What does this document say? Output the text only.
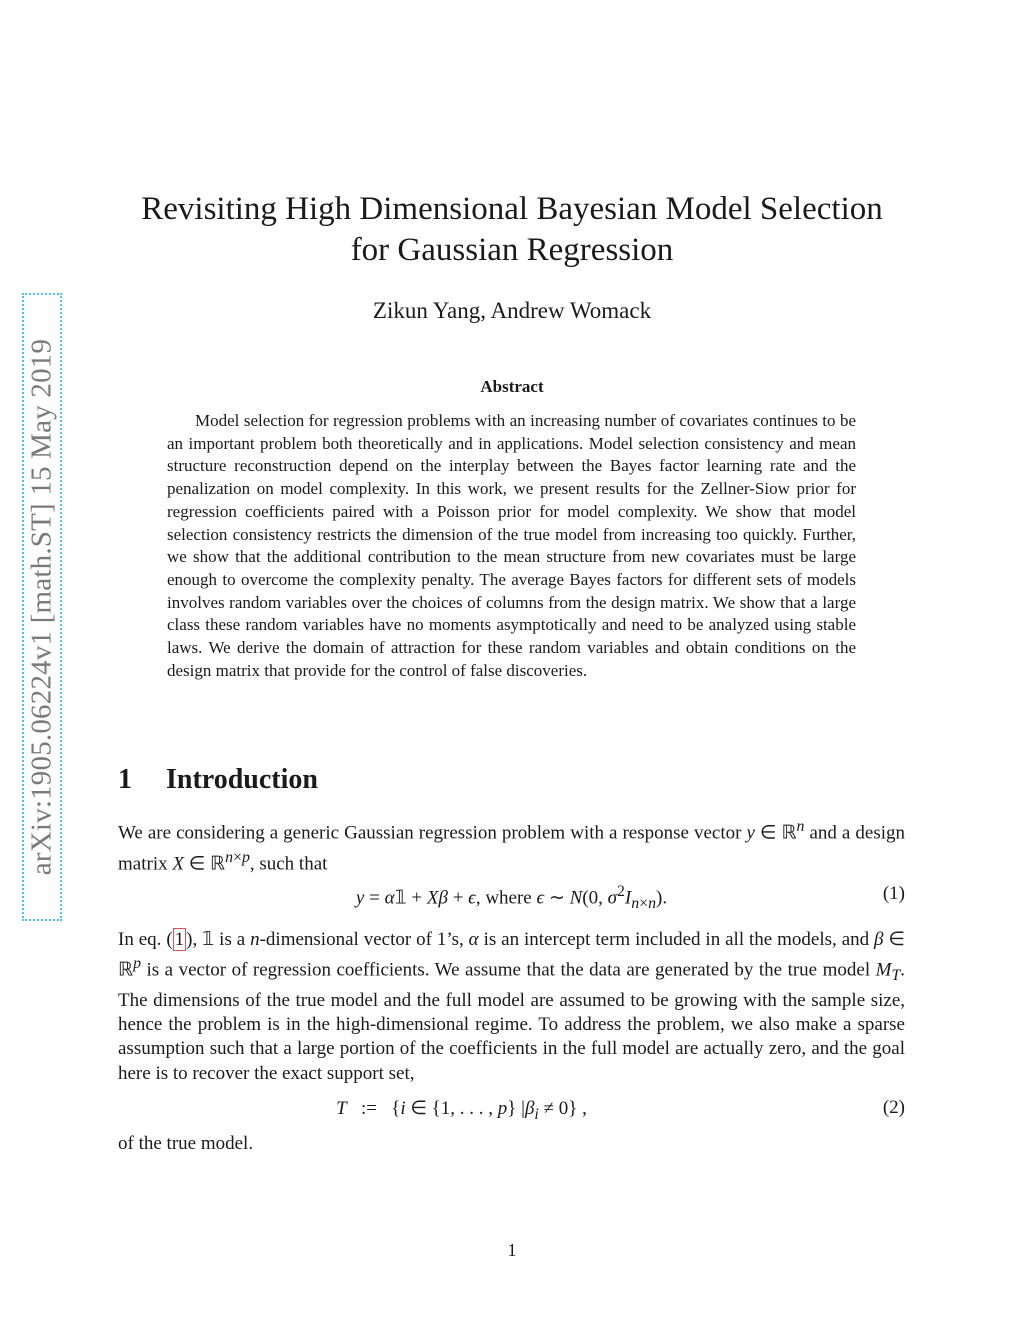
arXiv:1905.06224v1 [math.ST] 15 May 2019
Revisiting High Dimensional Bayesian Model Selection
for Gaussian Regression
Zikun Yang, Andrew Womack
Abstract

Model selection for regression problems with an increasing number of covariates continues to be an important problem both theoretically and in applications. Model selection consistency and mean structure reconstruction depend on the interplay between the Bayes factor learning rate and the penalization on model complexity. In this work, we present results for the Zellner-Siow prior for regression coefficients paired with a Poisson prior for model complexity. We show that model selection consistency restricts the dimension of the true model from increasing too quickly. Further, we show that the additional contribution to the mean structure from new covariates must be large enough to overcome the complexity penalty. The average Bayes factors for different sets of models involves random variables over the choices of columns from the design matrix. We show that a large class these random variables have no moments asymptotically and need to be analyzed using stable laws. We derive the domain of attraction for these random variables and obtain conditions on the design matrix that provide for the control of false discoveries.

1 Introduction

We are considering a generic Gaussian regression problem with a response vector y ∈ ℝ$^n$ and a design matrix X ∈ ℝ$^{n\times p}$, such that

y = α𝟙 + Xβ + ϵ, where ϵ ∼ N(0, $\sigma^2I_{n\times n}$).	(1)

In eq. ( 1 ), 𝟙 is a n-dimensional vector of 1’s, α is an intercept term included in all the models, and β ∈ ℝ$^p$ is a vector of regression coefficients. We assume that the data are generated by the true model $M_T$. The dimensions of the true model and the full model are assumed to be growing with the sample size, hence the problem is in the high-dimensional regime. To address the problem, we also make a sparse assumption such that a large portion of the coefficients in the full model are actually zero, and the goal here is to recover the exact support set,

T   :=   {i ∈ {1, . . . , p} $|\beta_i \ne 0$} ,	(2)

of the true model.

1
